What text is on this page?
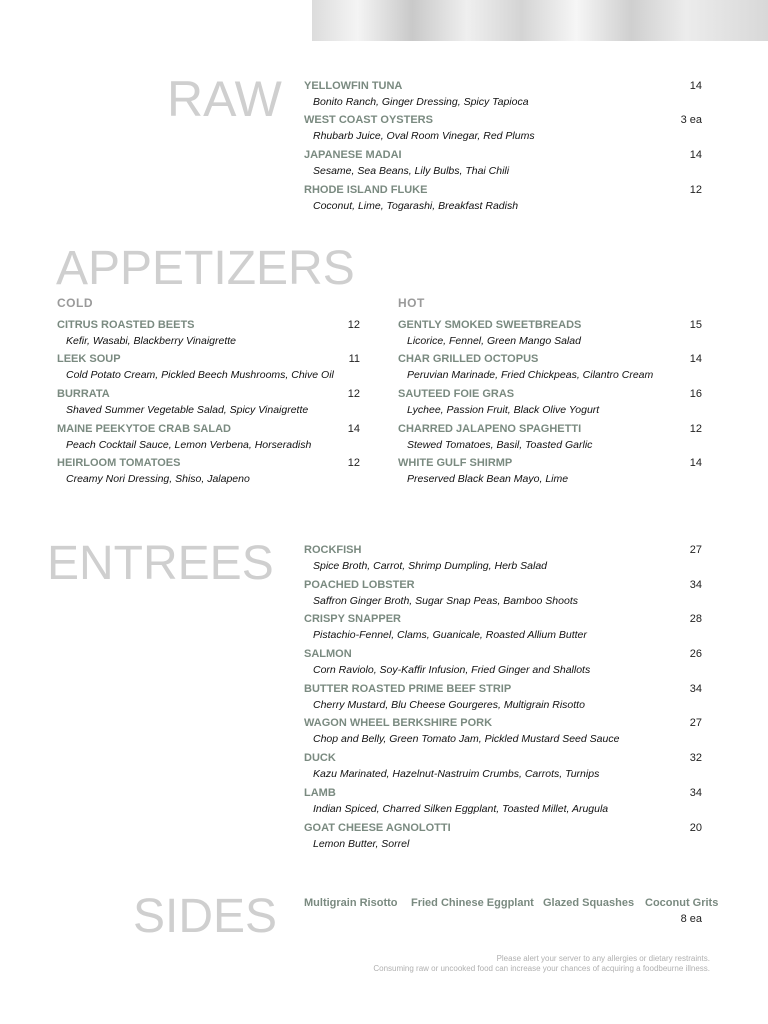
RAW YELLOWFIN TUNA	14
Bonito Ranch, Ginger Dressing, Spicy Tapioca
WEST COAST OYSTERS	3 ea
Rhubarb Juice, Oval Room Vinegar, Red Plums
JAPANESE MADAI	14
Sesame, Sea Beans, Lily Bulbs, Thai Chili
RHODE ISLAND FLUKE	12
Coconut, Lime, Togarashi, Breakfast Radish
APPETIZERS
COLD	HOT
CITRUS ROASTED BEETS	12
Kefir, Wasabi, Blackberry Vinaigrette
LEEK SOUP	11
Cold Potato Cream, Pickled Beech Mushrooms, Chive Oil
BURRATA	12
Shaved Summer Vegetable Salad, Spicy Vinaigrette
MAINE PEEKYTOE CRAB SALAD	14
Peach Cocktail Sauce, Lemon Verbena, Horseradish
HEIRLOOM TOMATOES	12
Creamy Nori Dressing, Shiso, Jalapeno
GENTLY SMOKED SWEETBREADS	15
Licorice, Fennel, Green Mango Salad
CHAR GRILLED OCTOPUS	14
Peruvian Marinade, Fried Chickpeas, Cilantro Cream
SAUTEED FOIE GRAS	16
Lychee, Passion Fruit, Black Olive Yogurt
CHARRED JALAPENO SPAGHETTI	12
Stewed Tomatoes, Basil, Toasted Garlic
WHITE GULF SHIRMP	14
Preserved Black Bean Mayo, Lime
ENTREES	ROCKFISH	27
Spice Broth, Carrot, Shrimp Dumpling, Herb Salad
POACHED LOBSTER	34
Saffron Ginger Broth, Sugar Snap Peas, Bamboo Shoots
CRISPY SNAPPER	28
Pistachio-Fennel, Clams, Guanicale, Roasted Allium Butter
SALMON	26
Corn Raviolo, Soy-Kaffir Infusion, Fried Ginger and Shallots
BUTTER ROASTED PRIME BEEF STRIP	34
Cherry Mustard, Blu Cheese Gourgeres, Multigrain Risotto
WAGON WHEEL BERKSHIRE PORK	27
Chop and Belly, Green Tomato Jam, Pickled Mustard Seed Sauce
DUCK	32
Kazu Marinated, Hazelnut-Nastruim Crumbs, Carrots, Turnips
LAMB	34
Indian Spiced, Charred Silken Eggplant, Toasted Millet, Arugula
GOAT CHEESE AGNOLOTTI	20
Lemon Butter, Sorrel
SIDES Multigrain Risotto Fried Chinese Eggplant Glazed Squashes Coconut Grits
8 ea
Please alert your server to any allergies or dietary restraints.
Consuming raw or uncooked food can increase your chances of acquiring a foodbeurne illness.
